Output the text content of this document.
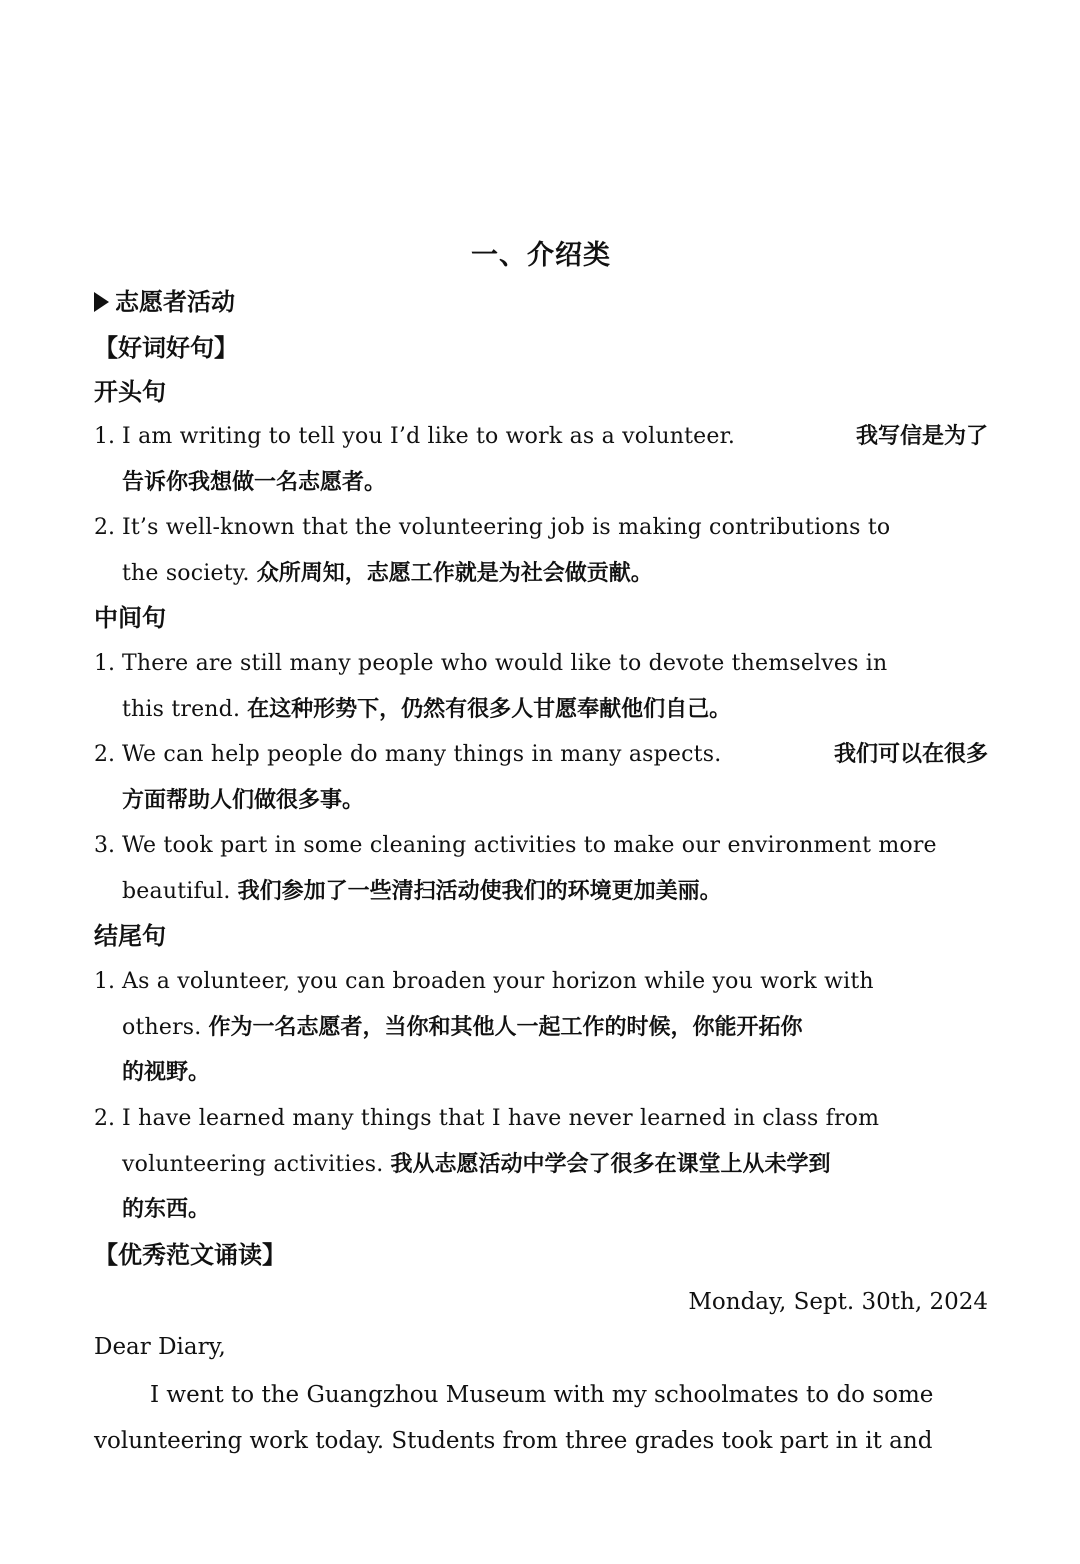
一、介绍类
志愿者活动
【好词好句】
开头句
1. I am writing to tell you I’d like to work as a volunteer.	我写信是为了
告诉你我想做一名志愿者。
2. It’s well-known that the volunteering job is making contributions to
the society. 众所周知，志愿工作就是为社会做贡献。
中间句
1. There are still many people who would like to devote themselves in
this trend. 在这种形势下，仍然有很多人甘愿奉献他们自己。
2. We can help people do many things in many aspects.	我们可以在很多
方面帮助人们做很多事。
3. We took part in some cleaning activities to make our environment more
beautiful. 我们参加了一些清扫活动使我们的环境更加美丽。
结尾句
1. As a volunteer, you can broaden your horizon while you work with
others. 作为一名志愿者，当你和其他人一起工作的时候，你能开拓你
的视野。
2. I have learned many things that I have never learned in class from
volunteering activities. 我从志愿活动中学会了很多在课堂上从未学到
的东西。
【优秀范文诵读】
Monday, Sept. 30th, 2024
Dear Diary,
I went to the Guangzhou Museum with my schoolmates to do some
volunteering work today. Students from three grades took part in it and
